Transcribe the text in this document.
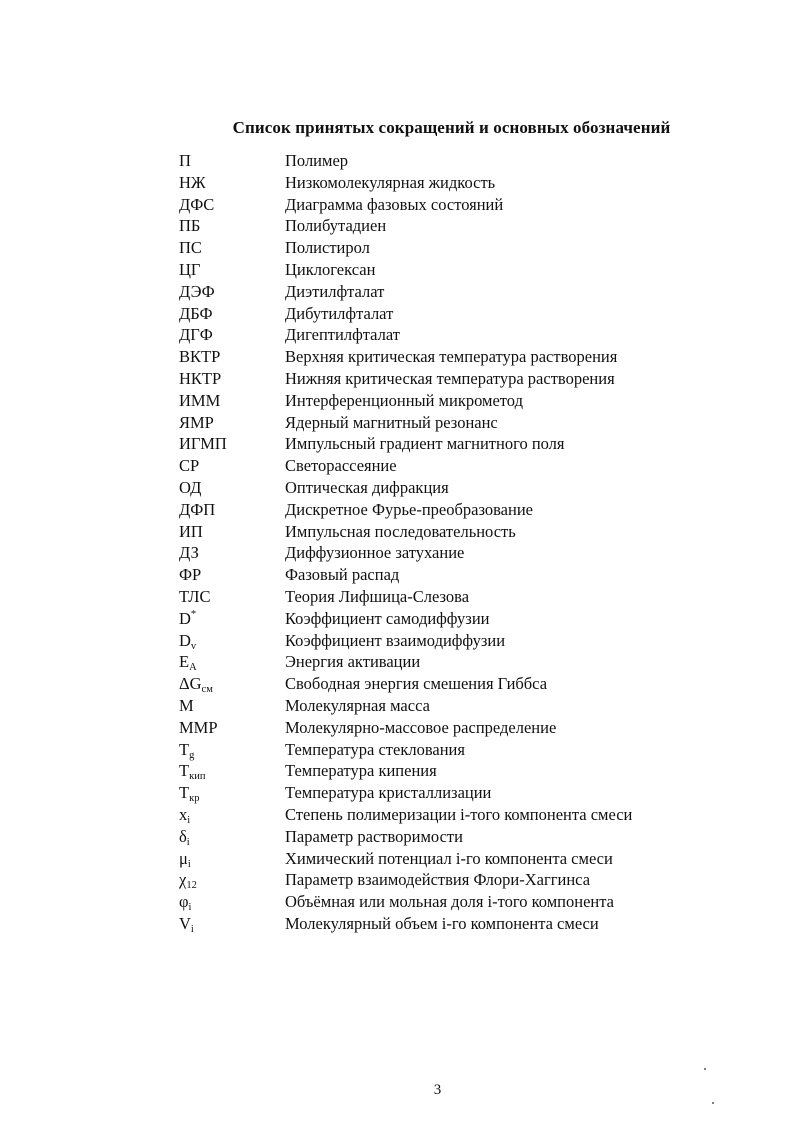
Список принятых сокращений и основных обозначений
П	Полимер
НЖ	Низкомолекулярная жидкость
ДФС	Диаграмма фазовых состояний
ПБ	Полибутадиен
ПС	Полистирол
ЦГ	Циклогексан
ДЭФ	Диэтилфталат
ДБФ	Дибутилфталат
ДГФ	Дигептилфталат
ВКТР	Верхняя критическая температура растворения
НКТР	Нижняя критическая температура растворения
ИММ	Интерференционный микрометод
ЯМР	Ядерный магнитный резонанс
ИГМП	Импульсный градиент магнитного поля
СР	Светорассеяние
ОД	Оптическая дифракция
ДФП	Дискретное Фурье-преобразование
ИП	Импульсная последовательность
ДЗ	Диффузионное затухание
ФР	Фазовый распад
ТЛС	Теория Лифшица-Слезова
D*	Коэффициент самодиффузии
$D_v$	Коэффициент взаимодиффузии
$E_A$	Энергия активации
$\Delta G_{см}$	Свободная энергия смешения Гиббса
M	Молекулярная масса
ММР	Молекулярно-массовое распределение
$T_g$	Температура стеклования
$T_{кип}$	Температура кипения
$T_{кр}$	Температура кристаллизации
$x_i$	Степень полимеризации i-того компонента смеси
$\delta_i$	Параметр растворимости
$\mu_i$	Химический потенциал i-го компонента смеси
$\chi_{12}$	Параметр взаимодействия Флори-Хаггинса
$\varphi_i$	Объёмная или мольная доля i-того компонента
$V_i$	Молекулярный объем i-го компонента смеси
3
